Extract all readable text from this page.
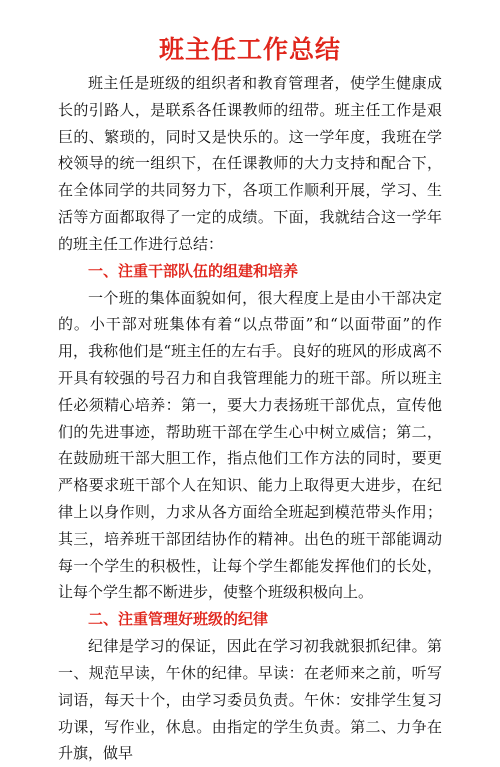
班主任工作总结

班主任是班级的组织者和教育管理者，使学生健康成长的引路人，是联系各任课教师的纽带。班主任工作是艰巨的、繁琐的，同时又是快乐的。这一学年度，我班在学校领导的统一组织下，在任课教师的大力支持和配合下，在全体同学的共同努力下，各项工作顺利开展，学习、生活等方面都取得了一定的成绩。下面，我就结合这一学年的班主任工作进行总结：

一、注重干部队伍的组建和培养

一个班的集体面貌如何，很大程度上是由小干部决定的。小干部对班集体有着“以点带面”和“以面带面”的作用，我称他们是“班主任的左右手。良好的班风的形成离不开具有较强的号召力和自我管理能力的班干部。所以班主任必须精心培养：第一，要大力表扬班干部优点，宣传他们的先进事迹，帮助班干部在学生心中树立威信；第二，在鼓励班干部大胆工作，指点他们工作方法的同时，要更严格要求班干部个人在知识、能力上取得更大进步，在纪律上以身作则，力求从各方面给全班起到模范带头作用；其三，培养班干部团结协作的精神。出色的班干部能调动每一个学生的积极性，让每个学生都能发挥他们的长处，让每个学生都不断进步，使整个班级积极向上。

二、注重管理好班级的纪律

纪律是学习的保证，因此在学习初我就狠抓纪律。第一、规范早读，午休的纪律。早读：在老师来之前，听写词语，每天十个，由学习委员负责。午休：安排学生复习功课，写作业，休息。由指定的学生负责。第二、力争在升旗，做早
